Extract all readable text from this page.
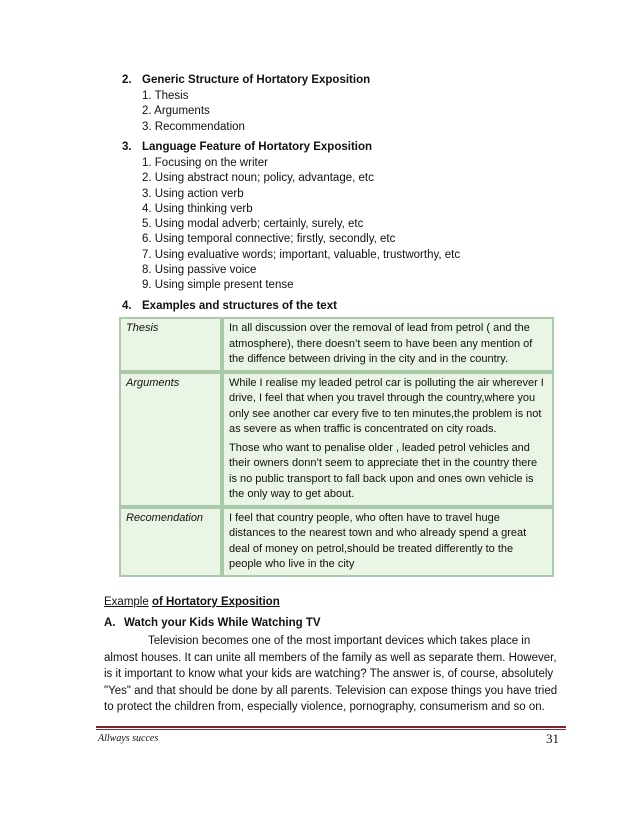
2. Generic Structure of Hortatory Exposition
1. Thesis
2. Arguments
3. Recommendation
3. Language Feature of Hortatory Exposition
1. Focusing on the writer
2. Using abstract noun; policy, advantage, etc
3. Using action verb
4. Using thinking verb
5. Using modal adverb; certainly, surely, etc
6. Using temporal connective; firstly, secondly, etc
7. Using evaluative words; important, valuable, trustworthy, etc
8. Using passive voice
9. Using simple present tense
4. Examples and structures of the text
Thesis	In all discussion over the removal of lead from petrol ( and the atmosphere), there doesn’t seem to have been any mention of the diffence between driving in the city and in the country.

Arguments	While I realise my leaded petrol car is polluting the air wherever I drive, I feel that when you travel through the country,where you only see another car every five to ten minutes,the problem is not as severe as when traffic is concentrated on city roads.

Those who want to penalise older , leaded petrol vehicles and their owners donn’t seem to appreciate thet in the country there is no public transport to fall back upon and ones own vehicle is the only way to get about.

Recomendation	I feel that country people, who often have to travel huge distances to the nearest town and who already spend a great deal of money on petrol,should be treated differently to the people who live in the city

Example of Hortatory Exposition
A. Watch your Kids While Watching TV

Television becomes one of the most important devices which takes place in almost houses. It can unite all members of the family as well as separate them. However, is it important to know what your kids are watching? The answer is, of course, absolutely "Yes" and that should be done by all parents. Television can expose things you have tried to protect the children from, especially violence, pornography, consumerism and so on.

Allways succes	31
